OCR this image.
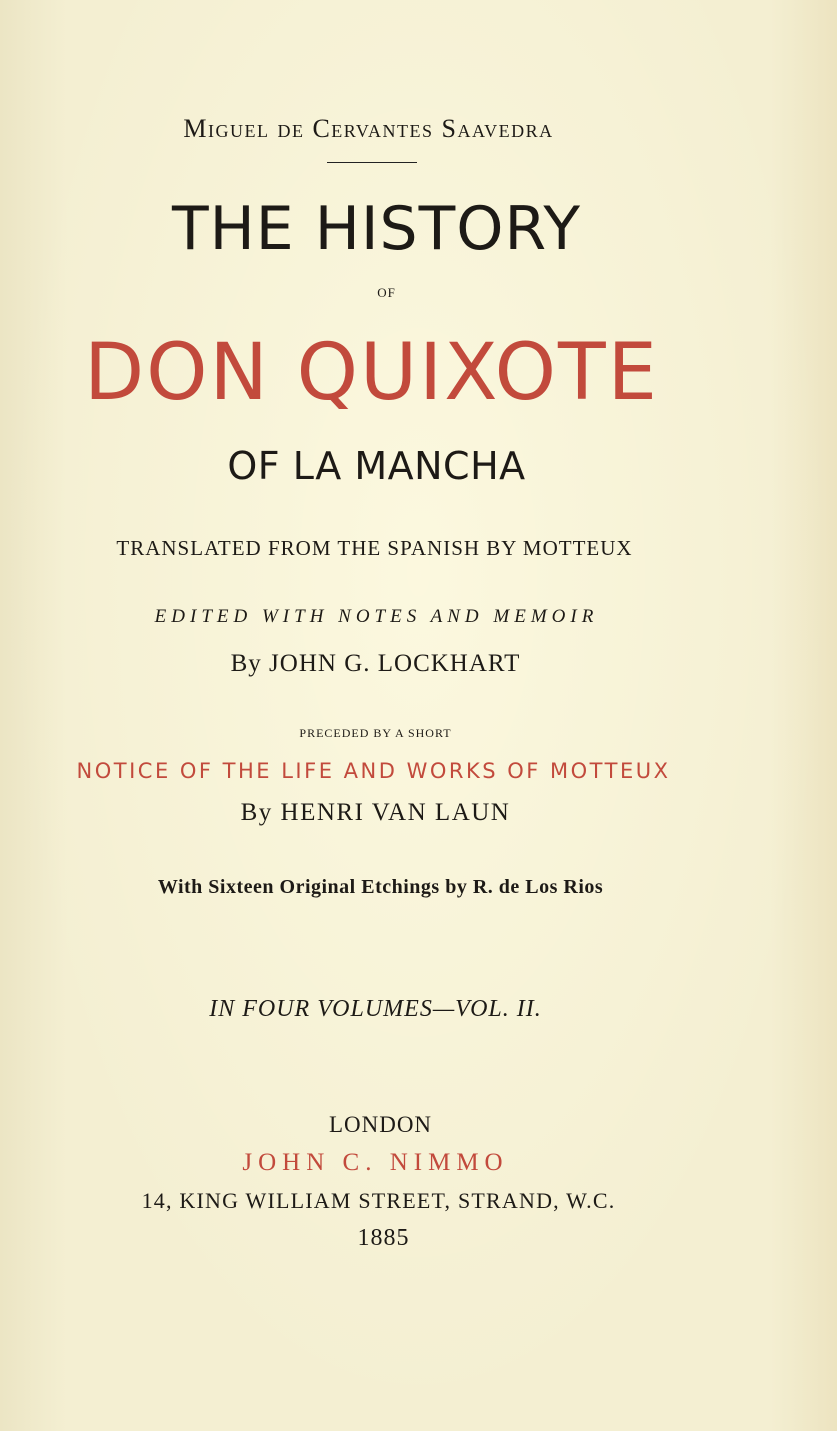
Miguel de Cervantes Saavedra
THE HISTORY
OF
DON QUIXOTE
OF LA MANCHA
TRANSLATED FROM THE SPANISH BY MOTTEUX
EDITED WITH NOTES AND MEMOIR
By JOHN G. LOCKHART
PRECEDED BY A SHORT
NOTICE OF THE LIFE AND WORKS OF MOTTEUX
By HENRI VAN LAUN
With Sixteen Original Etchings by R. de Los Rios
IN FOUR VOLUMES—VOL. II.
LONDON
JOHN C. NIMMO
14, KING WILLIAM STREET, STRAND, W.C.
1885
